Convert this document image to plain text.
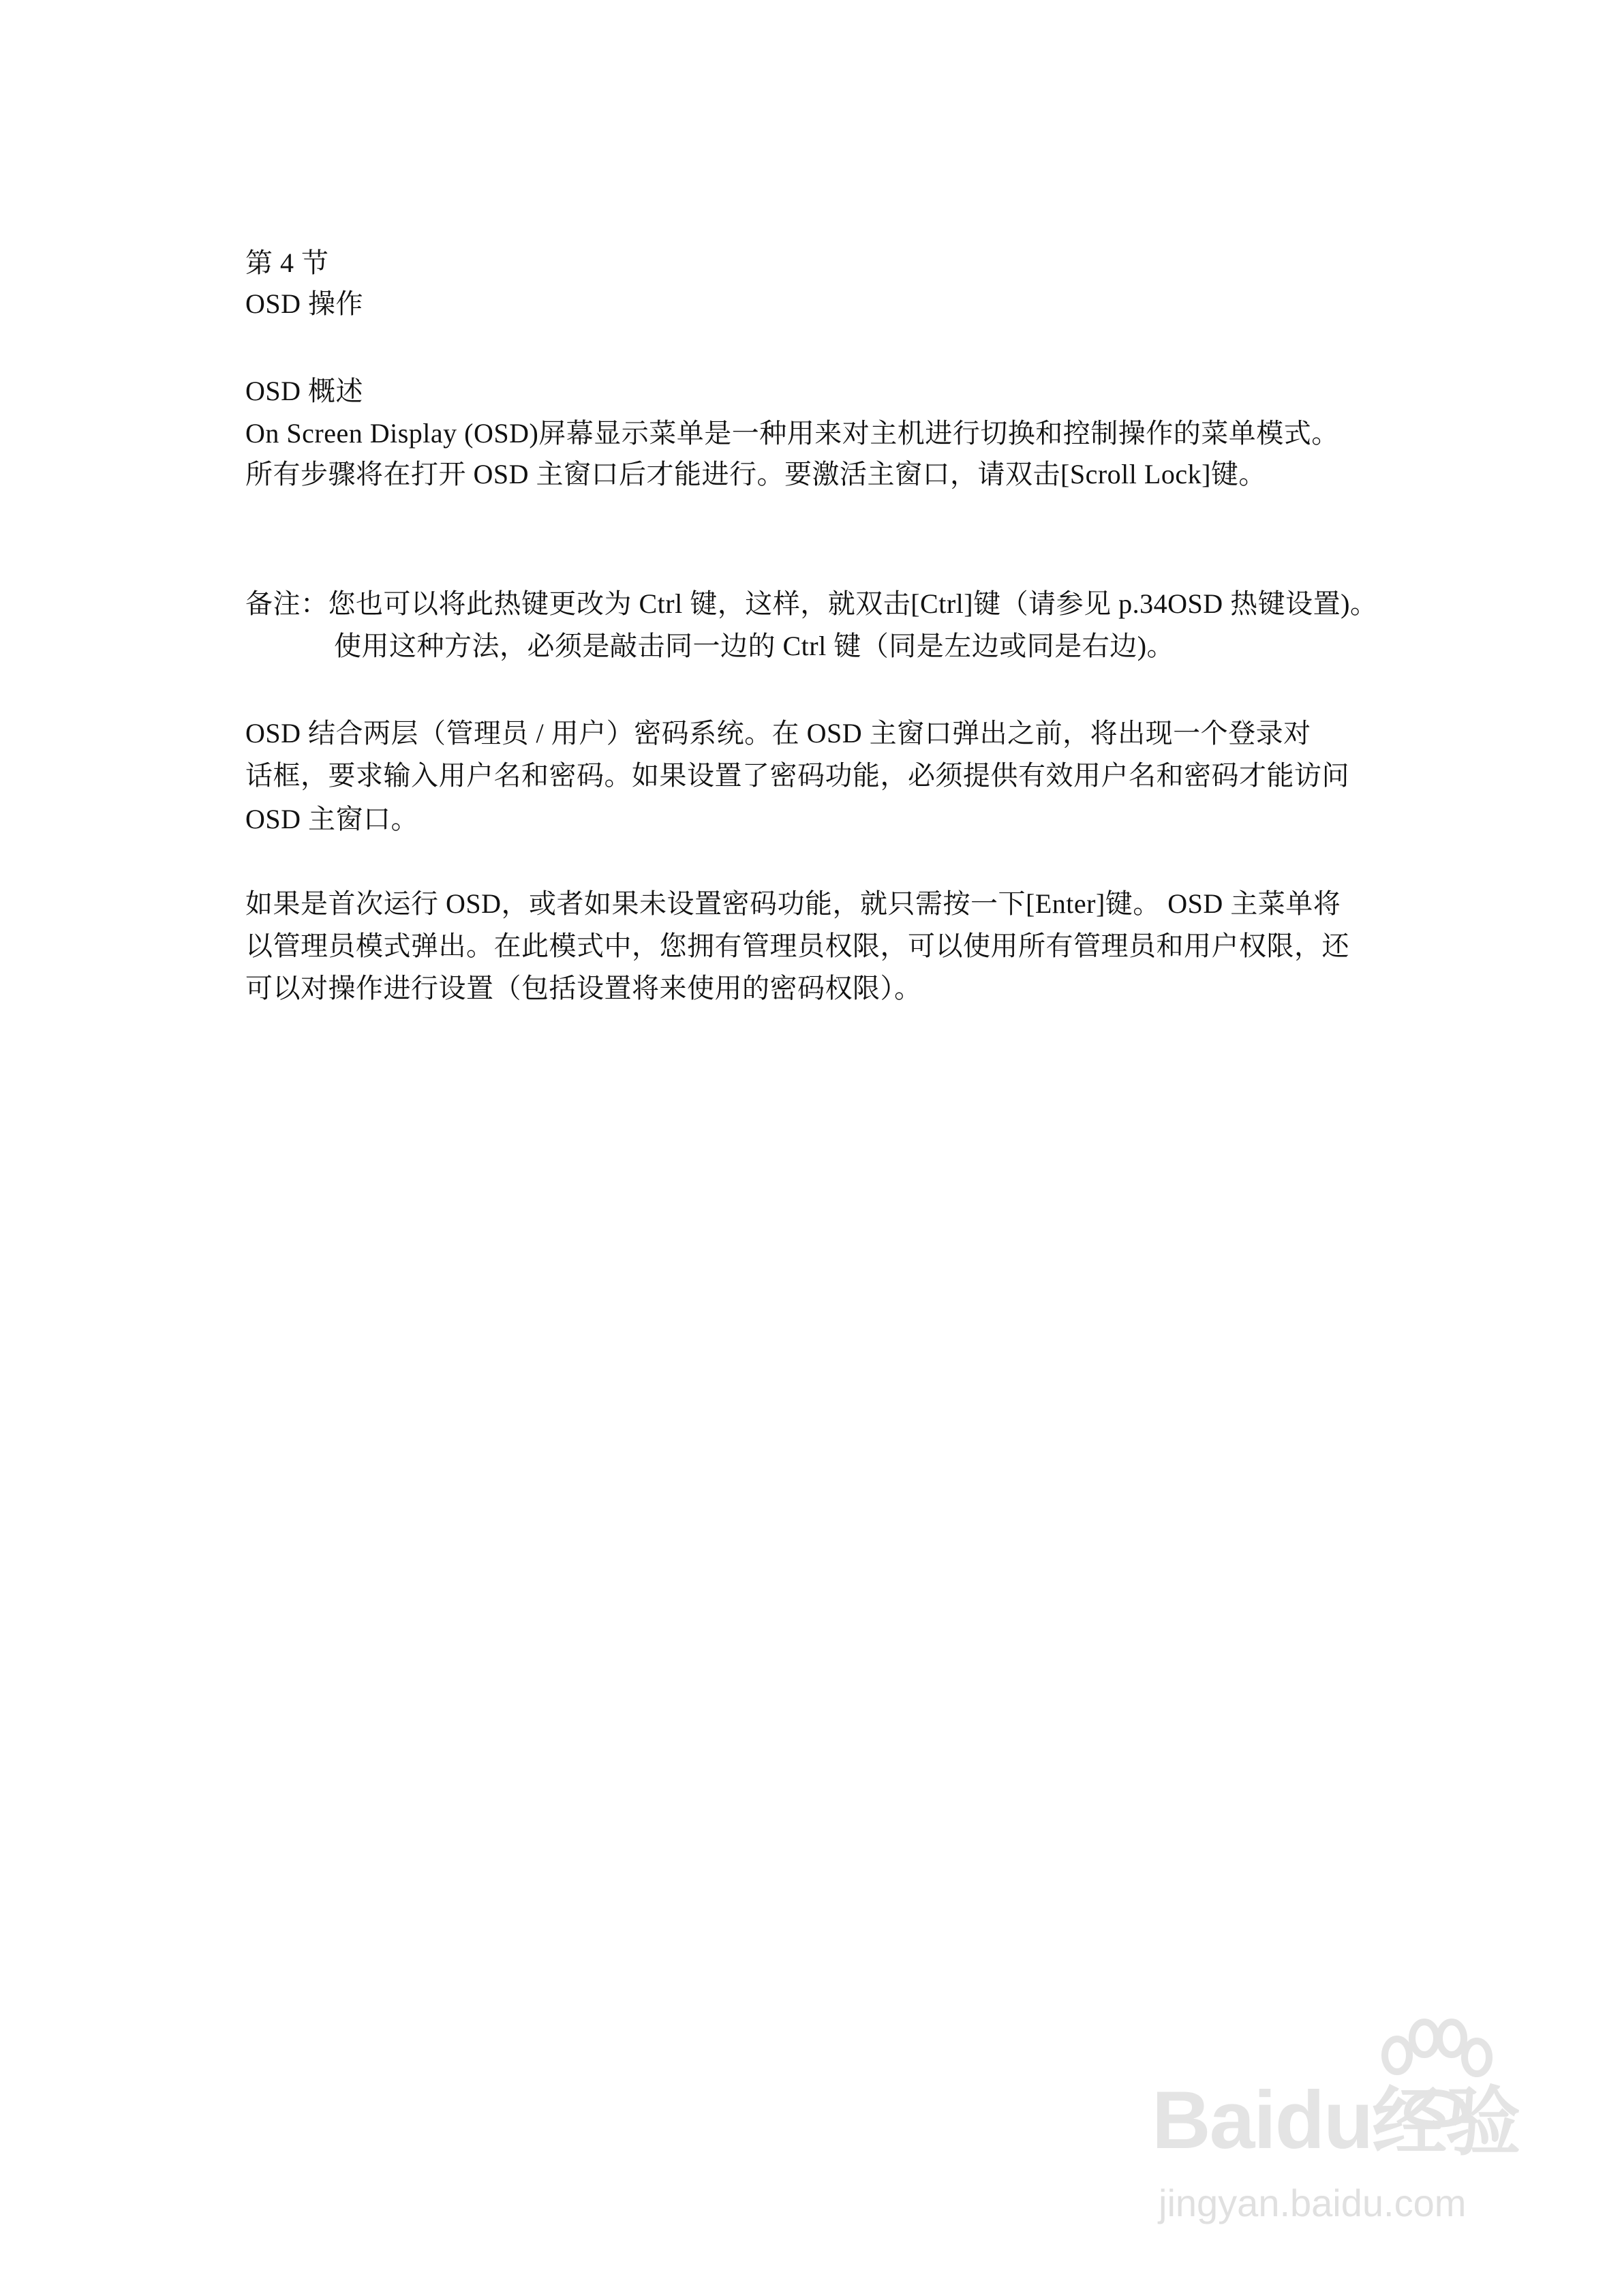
第 4 节
OSD 操作
OSD 概述
On Screen Display (OSD)屏幕显示菜单是一种用来对主机进行切换和控制操作的菜单模式。
所有步骤将在打开 OSD 主窗口后才能进行。要激活主窗口，请双击[Scroll Lock]键。
备注：您也可以将此热键更改为 Ctrl 键，这样，就双击[Ctrl]键（请参见 p.34OSD 热键设置)。
使用这种方法，必须是敲击同一边的 Ctrl 键（同是左边或同是右边)。
OSD 结合两层（管理员 / 用户）密码系统。在 OSD 主窗口弹出之前，将出现一个登录对
话框，要求输入用户名和密码。如果设置了密码功能，必须提供有效用户名和密码才能访问
OSD 主窗口。
如果是首次运行 OSD，或者如果未设置密码功能，就只需按一下[Enter]键。 OSD 主菜单将
以管理员模式弹出。在此模式中，您拥有管理员权限，可以使用所有管理员和用户权限，还
可以对操作进行设置（包括设置将来使用的密码权限）。
Baidu经验
jingyan.baidu.com
